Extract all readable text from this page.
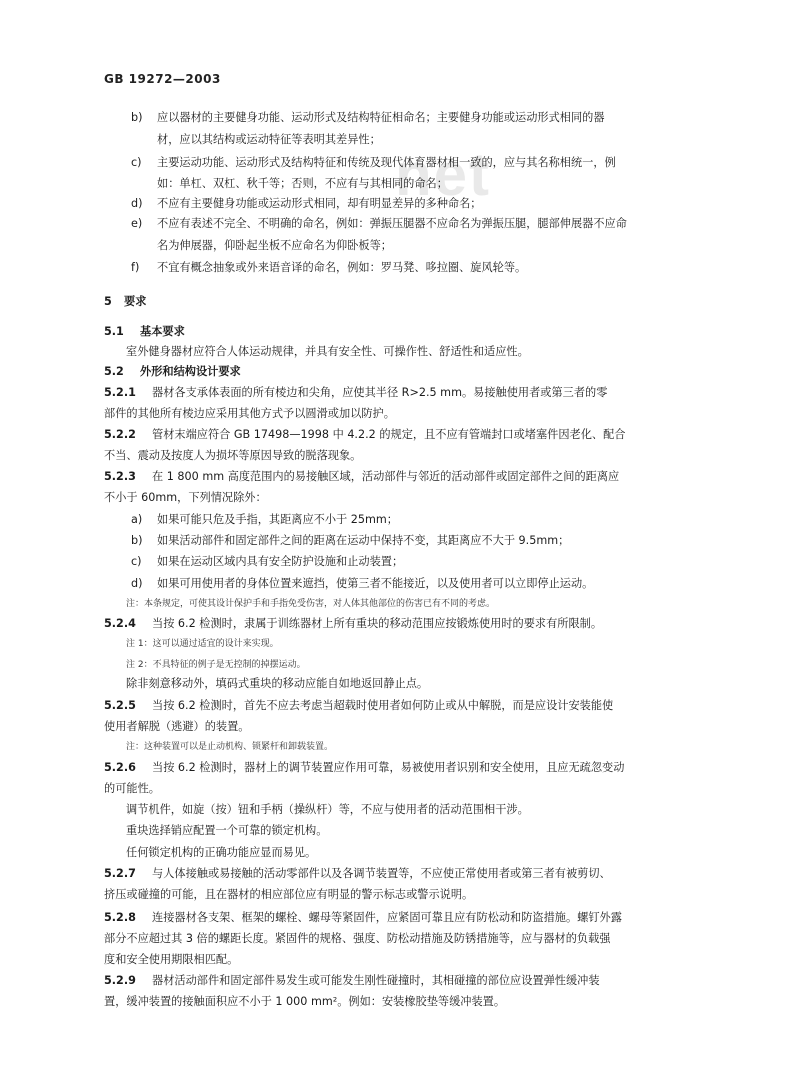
net
GB 19272—2003
b) 应以器材的主要健身功能、运动形式及结构特征相命名；主要健身功能或运动形式相同的器
材，应以其结构或运动特征等表明其差异性；
c) 主要运动功能、运动形式及结构特征和传统及现代体育器材相一致的，应与其名称相统一，例
如：单杠、双杠、秋千等；否则，不应有与其相同的命名；
d) 不应有主要健身功能或运动形式相同，却有明显差异的多种命名；
e) 不应有表述不完全、不明确的命名，例如：弹振压腿器不应命名为弹振压腿，腿部伸展器不应命
名为伸展器，仰卧起坐板不应命名为仰卧板等；
f) 不宜有概念抽象或外来语音译的命名，例如：罗马凳、哆拉圈、旋风轮等。
5 要求
5.1 基本要求
室外健身器材应符合人体运动规律，并具有安全性、可操作性、舒适性和适应性。
5.2 外形和结构设计要求
5.2.1 器材各支承体表面的所有棱边和尖角，应使其半径 R>2.5 mm。易接触使用者或第三者的零
部件的其他所有棱边应采用其他方式予以圆滑或加以防护。
5.2.2 管材末端应符合 GB 17498—1998 中 4.2.2 的规定，且不应有管端封口或堵塞件因老化、配合
不当、震动及按度人为损坏等原因导致的脱落现象。
5.2.3 在 1 800 mm 高度范围内的易接触区域，活动部件与邻近的活动部件或固定部件之间的距离应
不小于 60mm，下列情况除外：
a) 如果可能只危及手指，其距离应不小于 25mm；
b) 如果活动部件和固定部件之间的距离在运动中保持不变，其距离应不大于 9.5mm；
c) 如果在运动区域内具有安全防护设施和止动装置；
d) 如果可用使用者的身体位置来遮挡，使第三者不能接近，以及使用者可以立即停止运动。
注：本条规定，可使其设计保护手和手指免受伤害，对人体其他部位的伤害已有不同的考虑。
5.2.4 当按 6.2 检测时，隶属于训练器材上所有重块的移动范围应按锻炼使用时的要求有所限制。
注 1：这可以通过适宜的设计来实现。
注 2：不具特征的例子是无控制的掉摆运动。
除非刻意移动外，填码式重块的移动应能自如地返回静止点。
5.2.5 当按 6.2 检测时，首先不应去考虑当超载时使用者如何防止或从中解脱，而是应设计安装能使
使用者解脱（逃避）的装置。
注：这种装置可以是止动机构、锁紧杆和卸载装置。
5.2.6 当按 6.2 检测时，器材上的调节装置应作用可靠，易被使用者识别和安全使用，且应无疏忽变动
的可能性。
调节机件，如旋（按）钮和手柄（操纵杆）等，不应与使用者的活动范围相干涉。
重块选择销应配置一个可靠的锁定机构。
任何锁定机构的正确功能应显而易见。
5.2.7 与人体接触或易接触的活动零部件以及各调节装置等，不应使正常使用者或第三者有被剪切、
挤压或碰撞的可能，且在器材的相应部位应有明显的警示标志或警示说明。
5.2.8 连接器材各支架、框架的螺栓、螺母等紧固件，应紧固可靠且应有防松动和防盗措施。螺钉外露
部分不应超过其 3 倍的螺距长度。紧固件的规格、强度、防松动措施及防锈措施等，应与器材的负载强
度和安全使用期限相匹配。
5.2.9 器材活动部件和固定部件易发生或可能发生刚性碰撞时，其相碰撞的部位应设置弹性缓冲装
置，缓冲装置的接触面积应不小于 1 000 mm²。例如：安装橡胶垫等缓冲装置。
